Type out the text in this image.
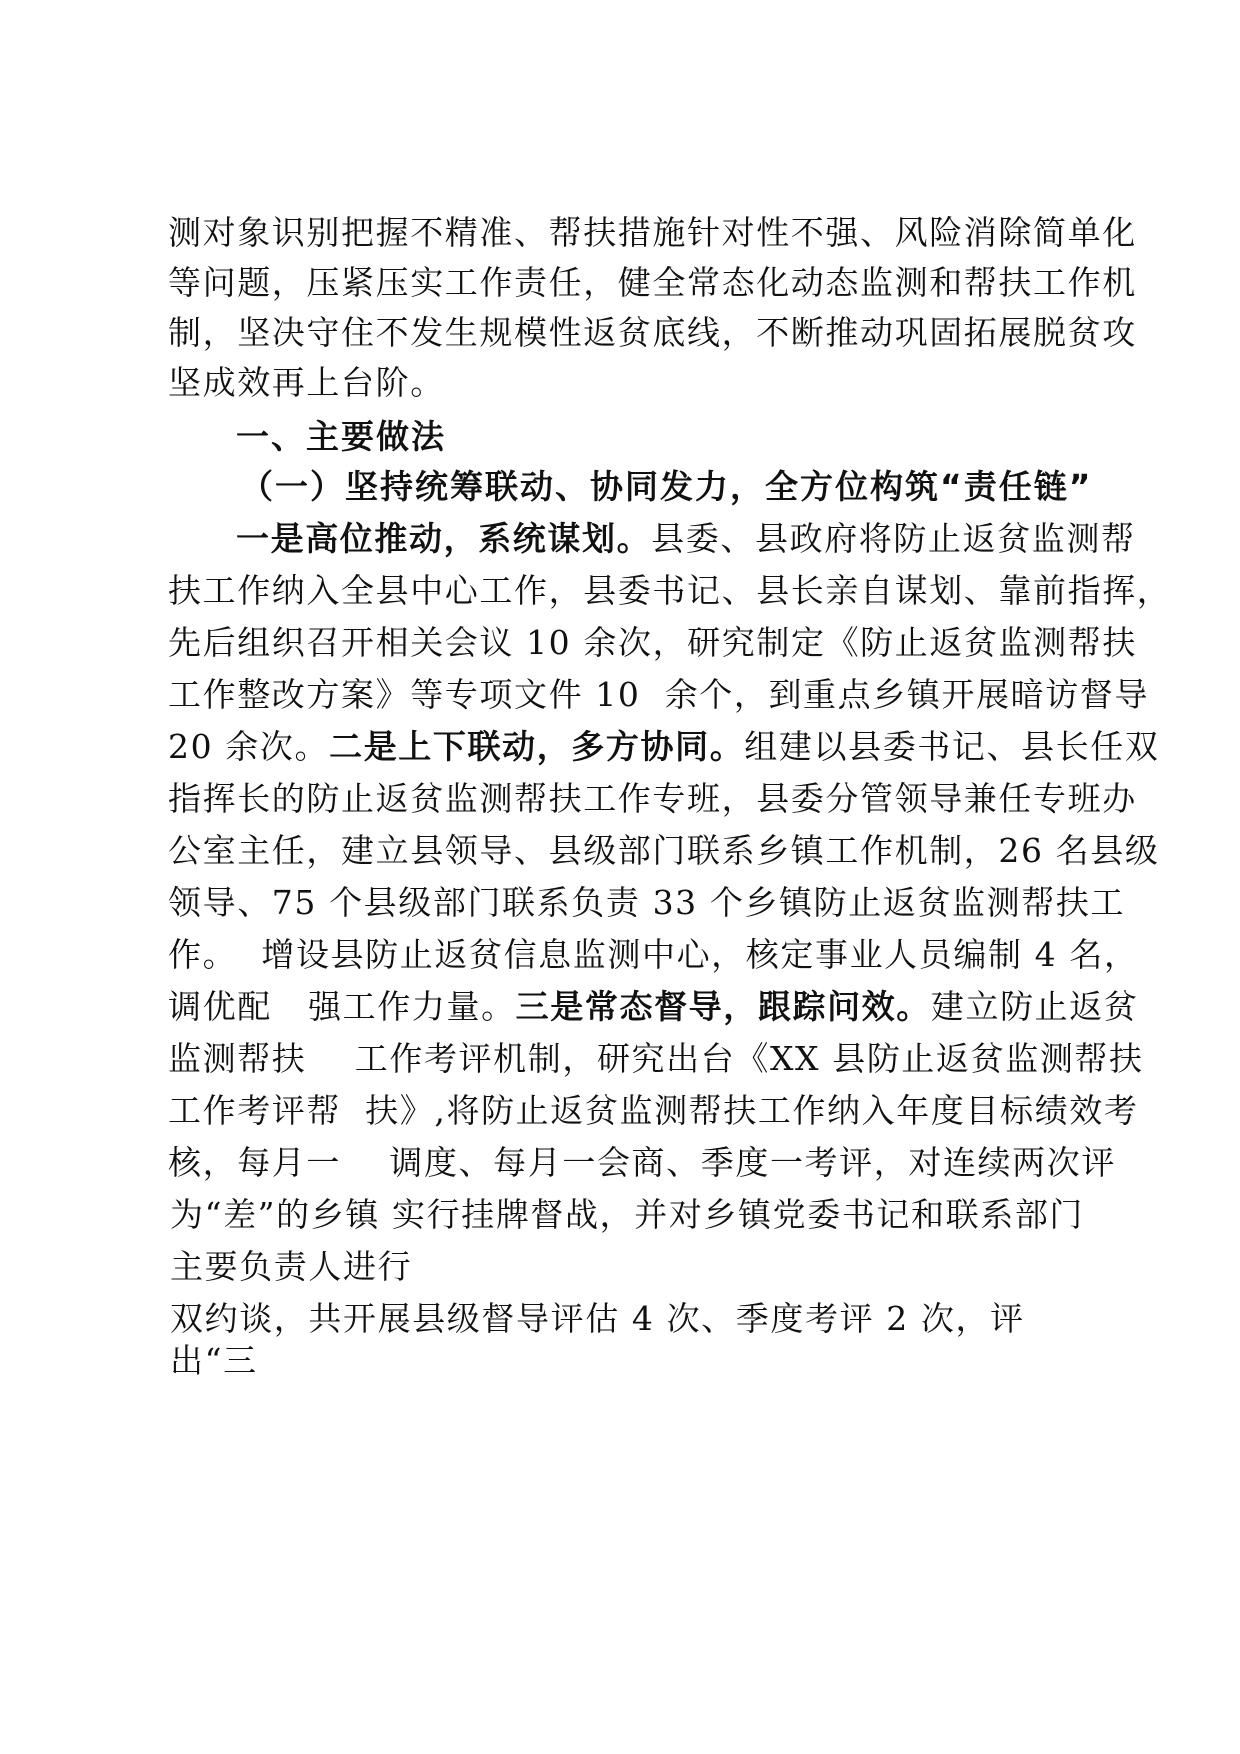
测对象识别把握不精准、帮扶措施针对性不强、风险消除简单化
等问题，压紧压实工作责任，健全常态化动态监测和帮扶工作机
制，坚决守住不发生规模性返贫底线，不断推动巩固拓展脱贫攻
坚成效再上台阶。
一、主要做法
（一）坚持统筹联动、协同发力，全方位构筑“责任链”
一是高位推动，系统谋划。县委、县政府将防止返贫监测帮
扶工作纳入全县中心工作，县委书记、县长亲自谋划、靠前指挥，
先后组织召开相关会议 10 余次，研究制定《防止返贫监测帮扶
工作整改方案》等专项文件 10  余个，到重点乡镇开展暗访督导
20 余次。二是上下联动，多方协同。组建以县委书记、县长任双
指挥长的防止返贫监测帮扶工作专班，县委分管领导兼任专班办
公室主任，建立县领导、县级部门联系乡镇工作机制，26 名县级
领导、75 个县级部门联系负责 33 个乡镇防止返贫监测帮扶工
作。  增设县防止返贫信息监测中心，核定事业人员编制 4 名，
调优配   强工作力量。三是常态督导，跟踪问效。建立防止返贫
监测帮扶    工作考评机制，研究出台《XX 县防止返贫监测帮扶
工作考评帮  扶》,将防止返贫监测帮扶工作纳入年度目标绩效考
核，每月一    调度、每月一会商、季度一考评，对连续两次评
为“差”的乡镇 实行挂牌督战，并对乡镇党委书记和联系部门
主要负责人进行
双约谈，共开展县级督导评估 4 次、季度考评 2 次，评
出“三
